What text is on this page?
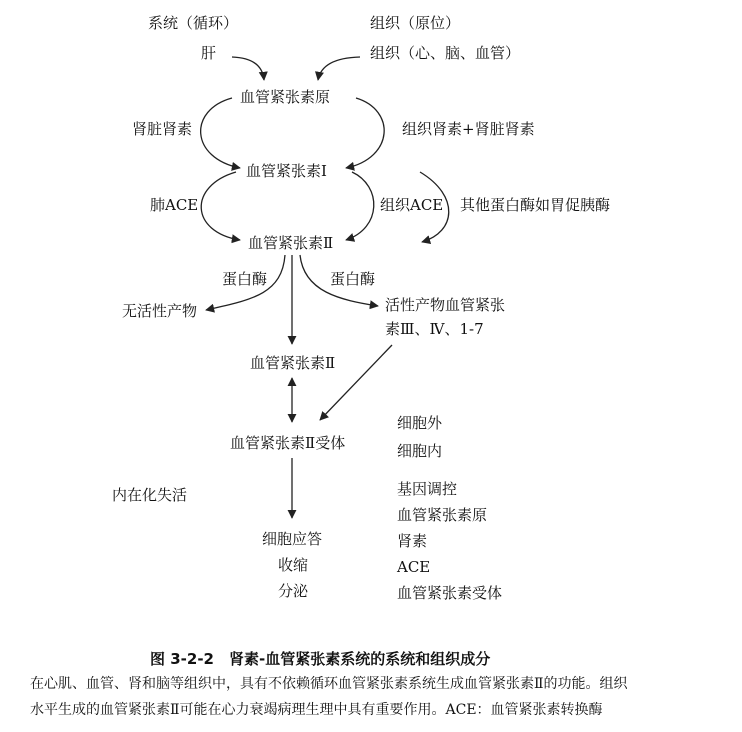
系统（循环）	组织（原位）
肝	组织（心、脑、血管）
血管紧张素原
肾脏肾素	组织肾素+肾脏肾素
血管紧张素Ⅰ
肺ACE	组织ACE 其他蛋白酶如胃促胰酶
血管紧张素Ⅱ
蛋白酶	蛋白酶
无活性产物	活性产物血管紧张
素Ⅲ、Ⅳ、1-7
血管紧张素Ⅱ
血管紧张素Ⅱ受体
细胞外
细胞内
内在化失活	基因调控
血管紧张素原
肾素
ACE
血管紧张素受体
细胞应答
收缩
分泌
图 3-2-2　肾素-血管紧张素系统的系统和组织成分
在心肌、血管、肾和脑等组织中，具有不依赖循环血管紧张素系统生成血管紧张素Ⅱ的功能。组织
水平生成的血管紧张素Ⅱ可能在心力衰竭病理生理中具有重要作用。ACE：血管紧张素转换酶
